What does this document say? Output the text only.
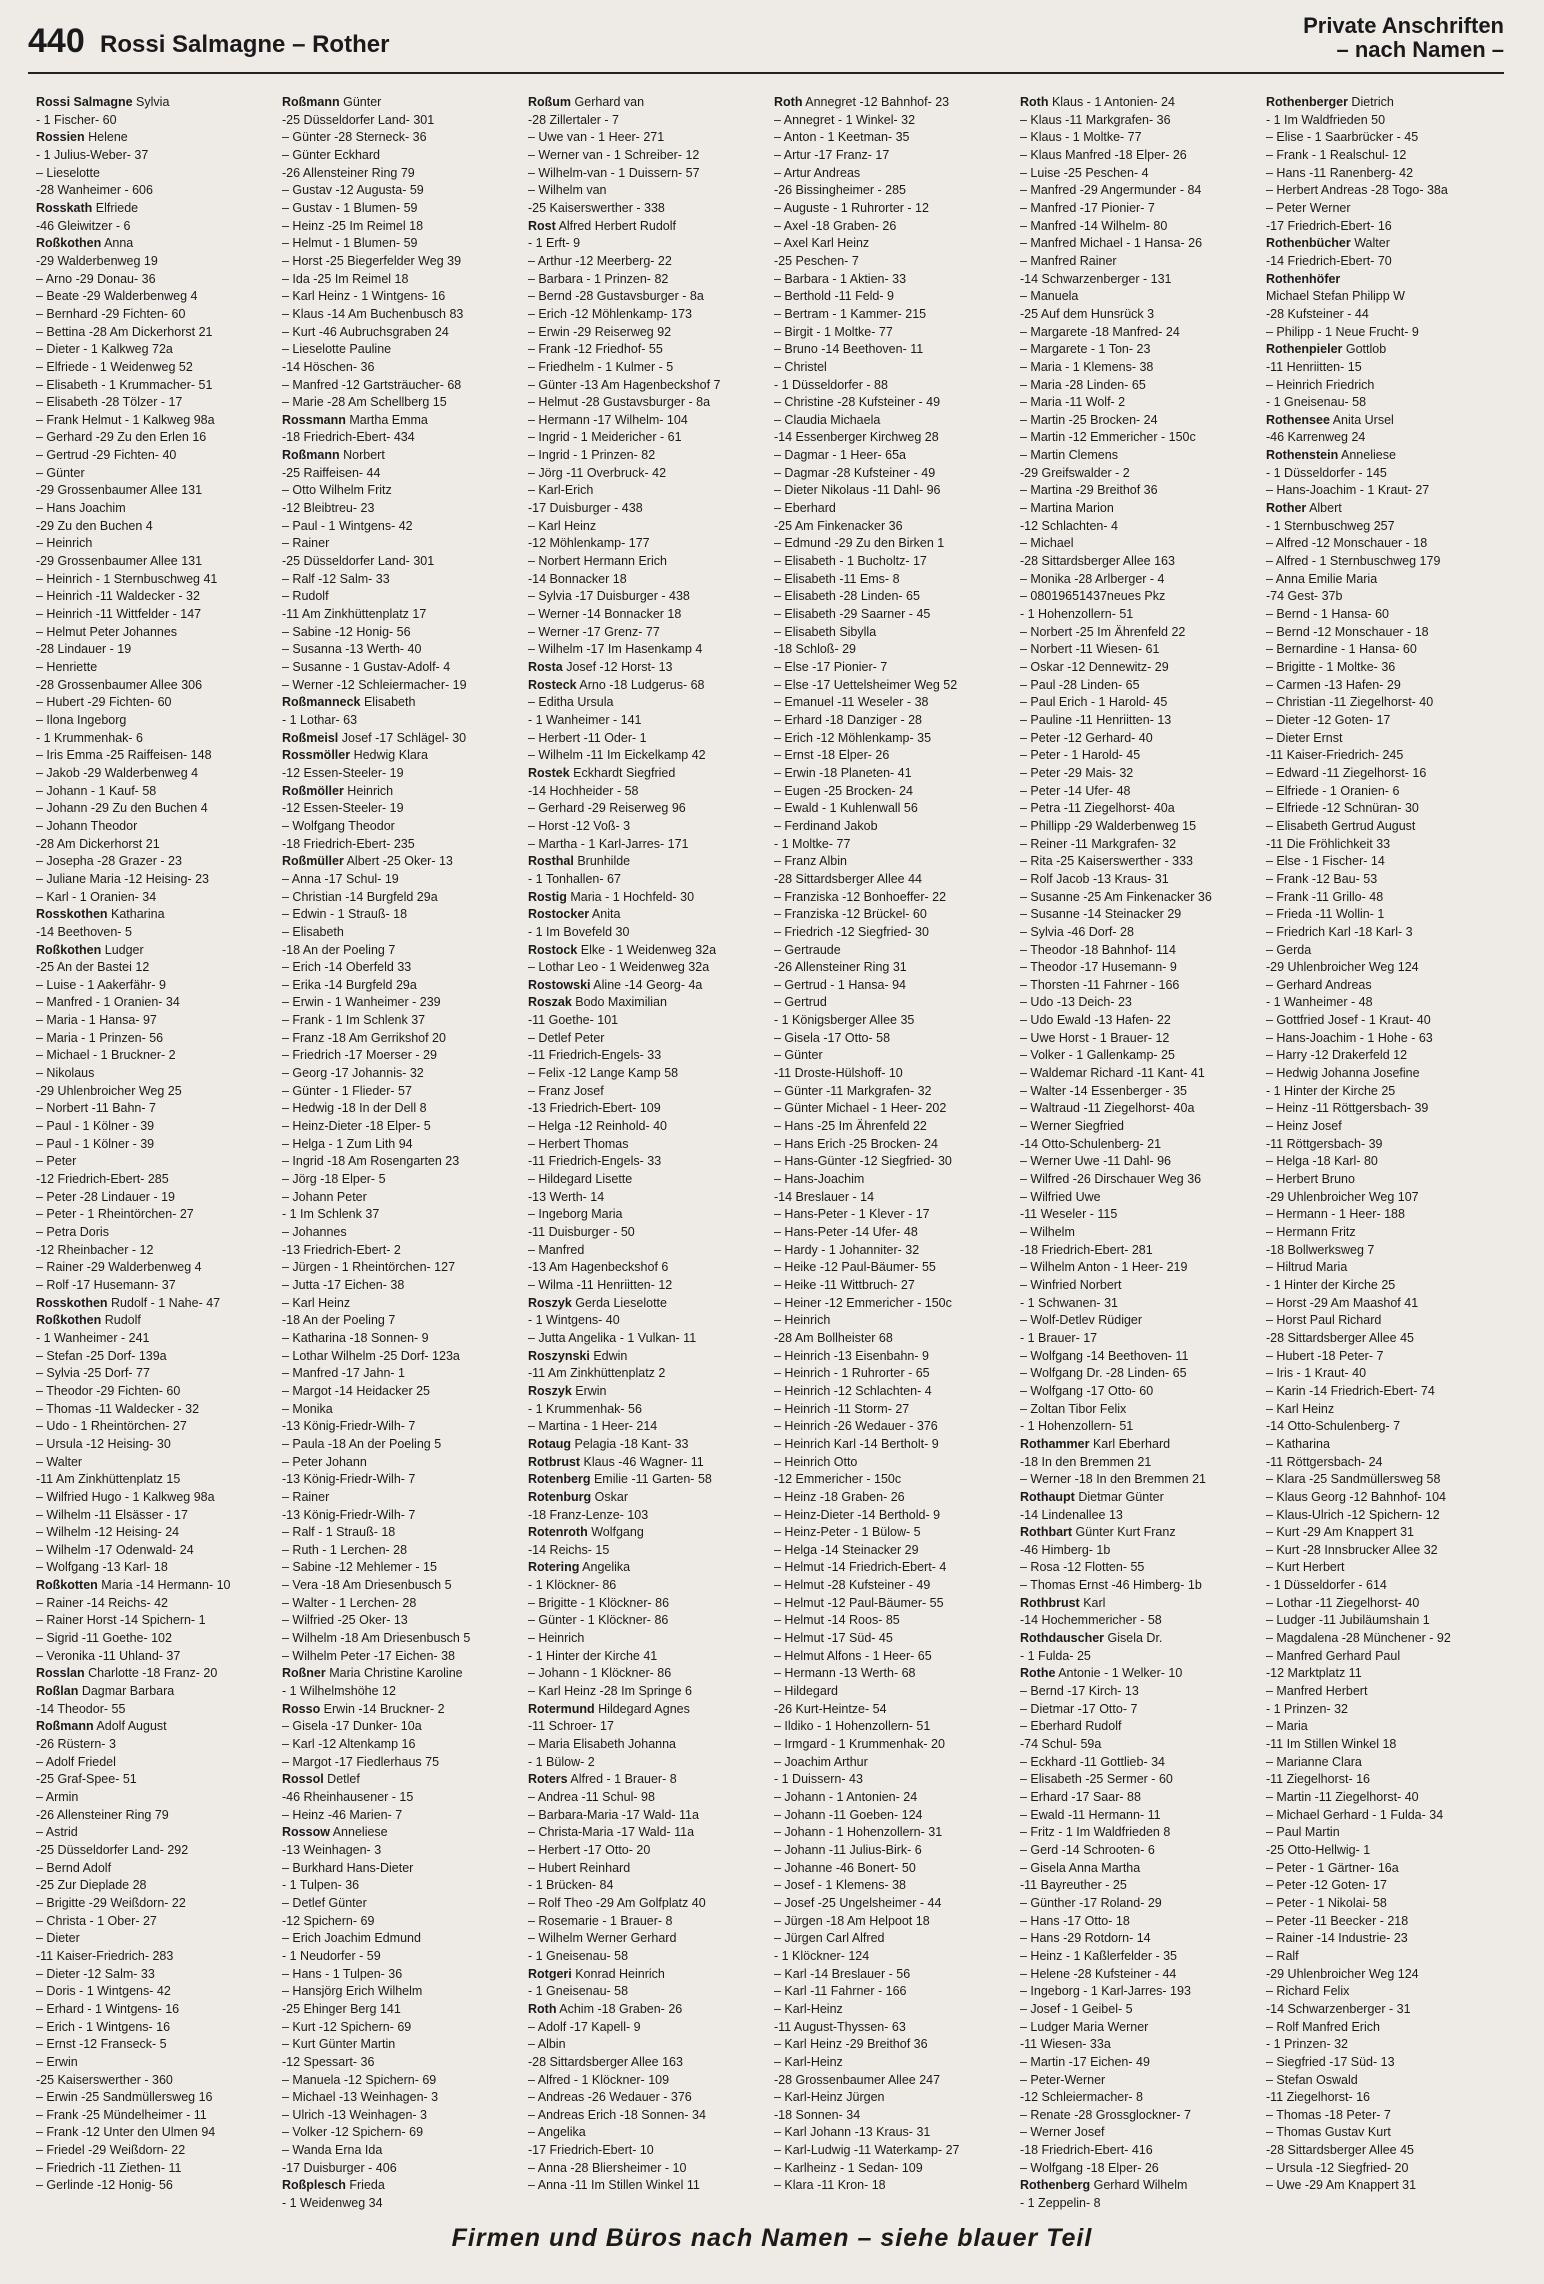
440 Rossi Salmagne – Rother
Private Anschriften
– nach Namen –
Rossi Salmagne Sylvia
- 1 Fischer- 60
Rossien Helene
- 1 Julius-Weber- 37
– Lieselotte
-28 Wanheimer - 606
Rosskath Elfriede
-46 Gleiwitzer - 6
Roßkothen Anna
-29 Walderbenweg 19
– Arno -29 Donau- 36
– Beate -29 Walderbenweg 4
– Bernhard -29 Fichten- 60
– Bettina -28 Am Dickerhorst 21
– Dieter - 1 Kalkweg 72a
– Elfriede - 1 Weidenweg 52
– Elisabeth - 1 Krummacher- 51
– Elisabeth -28 Tölzer - 17
– Frank Helmut - 1 Kalkweg 98a
– Gerhard -29 Zu den Erlen 16
– Gertrud -29 Fichten- 40
– Günter
-29 Grossenbaumer Allee 131
– Hans Joachim
-29 Zu den Buchen 4
– Heinrich
-29 Grossenbaumer Allee 131
– Heinrich - 1 Sternbuschweg 41
– Heinrich -11 Waldecker - 32
– Heinrich -11 Wittfelder - 147
– Helmut Peter Johannes
-28 Lindauer - 19
– Henriette
-28 Grossenbaumer Allee 306
– Hubert -29 Fichten- 60
– Ilona Ingeborg
- 1 Krummenhak- 6
– Iris Emma -25 Raiffeisen- 148
– Jakob -29 Walderbenweg 4
– Johann - 1 Kauf- 58
– Johann -29 Zu den Buchen 4
– Johann Theodor
-28 Am Dickerhorst 21
– Josepha -28 Grazer - 23
– Juliane Maria -12 Heising- 23
– Karl - 1 Oranien- 34
Rosskothen Katharina
-14 Beethoven- 5
Roßkothen Ludger
-25 An der Bastei 12
– Luise - 1 Aakerfähr- 9
– Manfred - 1 Oranien- 34
– Maria - 1 Hansa- 97
– Maria - 1 Prinzen- 56
– Michael - 1 Bruckner- 2
– Nikolaus
-29 Uhlenbroicher Weg 25
– Norbert -11 Bahn- 7
– Paul - 1 Kölner - 39
– Paul - 1 Kölner - 39
– Peter
-12 Friedrich-Ebert- 285
– Peter -28 Lindauer - 19
– Peter - 1 Rheintörchen- 27
– Petra Doris
-12 Rheinbacher - 12
– Rainer -29 Walderbenweg 4
– Rolf -17 Husemann- 37
Rosskothen Rudolf - 1 Nahe- 47
Roßkothen Rudolf
- 1 Wanheimer - 241
– Stefan -25 Dorf- 139a
– Sylvia -25 Dorf- 77
– Theodor -29 Fichten- 60
– Thomas -11 Waldecker - 32
– Udo - 1 Rheintörchen- 27
– Ursula -12 Heising- 30
– Walter
-11 Am Zinkhüttenplatz 15
– Wilfried Hugo - 1 Kalkweg 98a
– Wilhelm -11 Elsässer - 17
– Wilhelm -12 Heising- 24
– Wilhelm -17 Odenwald- 24
– Wolfgang -13 Karl- 18
Roßkotten Maria -14 Hermann- 10
– Rainer -14 Reichs- 42
– Rainer Horst -14 Spichern- 1
– Sigrid -11 Goethe- 102
– Veronika -11 Uhland- 37
Rosslan Charlotte -18 Franz- 20
Roßlan Dagmar Barbara
-14 Theodor- 55
Roßmann Adolf August
-26 Rüstern- 3
– Adolf Friedel
-25 Graf-Spee- 51
– Armin
-26 Allensteiner Ring 79
– Astrid
-25 Düsseldorfer Land- 292
– Bernd Adolf
-25 Zur Dieplade 28
– Brigitte -29 Weißdorn- 22
– Christa - 1 Ober- 27
– Dieter
-11 Kaiser-Friedrich- 283
– Dieter -12 Salm- 33
– Doris - 1 Wintgens- 42
– Erhard - 1 Wintgens- 16
– Erich - 1 Wintgens- 16
– Ernst -12 Franseck- 5
– Erwin
-25 Kaiserswerther - 360
– Erwin -25 Sandmüllersweg 16
– Frank -25 Mündelheimer - 11
– Frank -12 Unter den Ulmen 94
– Friedel -29 Weißdorn- 22
– Friedrich -11 Ziethen- 11
– Gerlinde -12 Honig- 56
Roßmann Günter
-25 Düsseldorfer Land- 301
– Günter -28 Sterneck- 36
– Günter Eckhard
-26 Allensteiner Ring 79
– Gustav -12 Augusta- 59
– Gustav - 1 Blumen- 59
– Heinz -25 Im Reimel 18
– Helmut - 1 Blumen- 59
– Horst -25 Biegerfelder Weg 39
– Ida -25 Im Reimel 18
– Karl Heinz - 1 Wintgens- 16
– Klaus -14 Am Buchenbusch 83
– Kurt -46 Aubruchsgraben 24
– Lieselotte Pauline
-14 Höschen- 36
– Manfred -12 Gartsträucher- 68
– Marie -28 Am Schellberg 15
Rossmann Martha Emma
-18 Friedrich-Ebert- 434
Roßmann Norbert
-25 Raiffeisen- 44
– Otto Wilhelm Fritz
-12 Bleibtreu- 23
– Paul - 1 Wintgens- 42
– Rainer
-25 Düsseldorfer Land- 301
– Ralf -12 Salm- 33
– Rudolf
-11 Am Zinkhüttenplatz 17
– Sabine -12 Honig- 56
– Susanna -13 Werth- 40
– Susanne - 1 Gustav-Adolf- 4
– Werner -12 Schleiermacher- 19
Roßmanneck Elisabeth
- 1 Lothar- 63
Roßmeisl Josef -17 Schlägel- 30
Rossmöller Hedwig Klara
-12 Essen-Steeler- 19
Roßmöller Heinrich
-12 Essen-Steeler- 19
– Wolfgang Theodor
-18 Friedrich-Ebert- 235
Roßmüller Albert -25 Oker- 13
– Anna -17 Schul- 19
– Christian -14 Burgfeld 29a
– Edwin - 1 Strauß- 18
– Elisabeth
-18 An der Poeling 7
– Erich -14 Oberfeld 33
– Erika -14 Burgfeld 29a
– Erwin - 1 Wanheimer - 239
– Frank - 1 Im Schlenk 37
– Franz -18 Am Gerrikshof 20
– Friedrich -17 Moerser - 29
– Georg -17 Johannis- 32
– Günter - 1 Flieder- 57
– Hedwig -18 In der Dell 8
– Heinz-Dieter -18 Elper- 5
– Helga - 1 Zum Lith 94
– Ingrid -18 Am Rosengarten 23
– Jörg -18 Elper- 5
– Johann Peter
- 1 Im Schlenk 37
– Johannes
-13 Friedrich-Ebert- 2
– Jürgen - 1 Rheintörchen- 127
– Jutta -17 Eichen- 38
– Karl Heinz
-18 An der Poeling 7
– Katharina -18 Sonnen- 9
– Lothar Wilhelm -25 Dorf- 123a
– Manfred -17 Jahn- 1
– Margot -14 Heidacker 25
– Monika
-13 König-Friedr-Wilh- 7
– Paula -18 An der Poeling 5
– Peter Johann
-13 König-Friedr-Wilh- 7
– Rainer
-13 König-Friedr-Wilh- 7
– Ralf - 1 Strauß- 18
– Ruth - 1 Lerchen- 28
– Sabine -12 Mehlemer - 15
– Vera -18 Am Driesenbusch 5
– Walter - 1 Lerchen- 28
– Wilfried -25 Oker- 13
– Wilhelm -18 Am Driesenbusch 5
– Wilhelm Peter -17 Eichen- 38
Roßner Maria Christine Karoline
- 1 Wilhelmshöhe 12
Rosso Erwin -14 Bruckner- 2
– Gisela -17 Dunker- 10a
– Karl -12 Altenkamp 16
– Margot -17 Fiedlerhaus 75
Rossol Detlef
-46 Rheinhausener - 15
– Heinz -46 Marien- 7
Rossow Anneliese
-13 Weinhagen- 3
– Burkhard Hans-Dieter
- 1 Tulpen- 36
– Detlef Günter
-12 Spichern- 69
– Erich Joachim Edmund
- 1 Neudorfer - 59
– Hans - 1 Tulpen- 36
– Hansjörg Erich Wilhelm
-25 Ehinger Berg 141
– Kurt -12 Spichern- 69
– Kurt Günter Martin
-12 Spessart- 36
– Manuela -12 Spichern- 69
– Michael -13 Weinhagen- 3
– Ulrich -13 Weinhagen- 3
– Volker -12 Spichern- 69
– Wanda Erna Ida
-17 Duisburger - 406
Roßplesch Frieda
- 1 Weidenweg 34
Roßum Gerhard van
-28 Zillertaler - 7
– Uwe van - 1 Heer- 271
– Werner van - 1 Schreiber- 12
– Wilhelm-van - 1 Duissern- 57
– Wilhelm van
-25 Kaiserswerther - 338
Rost Alfred Herbert Rudolf
- 1 Erft- 9
– Arthur -12 Meerberg- 22
– Barbara - 1 Prinzen- 82
– Bernd -28 Gustavsburger - 8a
– Erich -12 Möhlenkamp- 173
– Erwin -29 Reiserweg 92
– Frank -12 Friedhof- 55
– Friedhelm - 1 Kulmer - 5
– Günter -13 Am Hagenbeckshof 7
– Helmut -28 Gustavsburger - 8a
– Hermann -17 Wilhelm- 104
– Ingrid - 1 Meidericher - 61
– Ingrid - 1 Prinzen- 82
– Jörg -11 Overbruck- 42
– Karl-Erich
-17 Duisburger - 438
– Karl Heinz
-12 Möhlenkamp- 177
– Norbert Hermann Erich
-14 Bonnacker 18
– Sylvia -17 Duisburger - 438
– Werner -14 Bonnacker 18
– Werner -17 Grenz- 77
– Wilhelm -17 Im Hasenkamp 4
Rosta Josef -12 Horst- 13
Rosteck Arno -18 Ludgerus- 68
– Editha Ursula
- 1 Wanheimer - 141
– Herbert -11 Oder- 1
– Wilhelm -11 Im Eickelkamp 42
Rostek Eckhardt Siegfried
-14 Hochheider - 58
– Gerhard -29 Reiserweg 96
– Horst -12 Voß- 3
– Martha - 1 Karl-Jarres- 171
Rosthal Brunhilde
- 1 Tonhallen- 67
Rostig Maria - 1 Hochfeld- 30
Rostocker Anita
- 1 Im Bovefeld 30
Rostock Elke - 1 Weidenweg 32a
– Lothar Leo - 1 Weidenweg 32a
Rostowski Aline -14 Georg- 4a
Roszak Bodo Maximilian
-11 Goethe- 101
– Detlef Peter
-11 Friedrich-Engels- 33
– Felix -12 Lange Kamp 58
– Franz Josef
-13 Friedrich-Ebert- 109
– Helga -12 Reinhold- 40
– Herbert Thomas
-11 Friedrich-Engels- 33
– Hildegard Lisette
-13 Werth- 14
– Ingeborg Maria
-11 Duisburger - 50
– Manfred
-13 Am Hagenbeckshof 6
– Wilma -11 Henriitten- 12
Roszyk Gerda Lieselotte
- 1 Wintgens- 40
– Jutta Angelika - 1 Vulkan- 11
Roszynski Edwin
-11 Am Zinkhüttenplatz 2
Roszyk Erwin
- 1 Krummenhak- 56
– Martina - 1 Heer- 214
Rotaug Pelagia -18 Kant- 33
Rotbrust Klaus -46 Wagner- 11
Rotenberg Emilie -11 Garten- 58
Rotenburg Oskar
-18 Franz-Lenze- 103
Rotenroth Wolfgang
-14 Reichs- 15
Rotering Angelika
- 1 Klöckner- 86
– Brigitte - 1 Klöckner- 86
– Günter - 1 Klöckner- 86
– Heinrich
- 1 Hinter der Kirche 41
– Johann - 1 Klöckner- 86
– Karl Heinz -28 Im Springe 6
Rotermund Hildegard Agnes
-11 Schroer- 17
– Maria Elisabeth Johanna
- 1 Bülow- 2
Roters Alfred - 1 Brauer- 8
– Andrea -11 Schul- 98
– Barbara-Maria -17 Wald- 11a
– Christa-Maria -17 Wald- 11a
– Herbert -17 Otto- 20
– Hubert Reinhard
- 1 Brücken- 84
– Rolf Theo -29 Am Golfplatz 40
– Rosemarie - 1 Brauer- 8
– Wilhelm Werner Gerhard
- 1 Gneisenau- 58
Rotgeri Konrad Heinrich
- 1 Gneisenau- 58
Roth Achim -18 Graben- 26
– Adolf -17 Kapell- 9
– Albin
-28 Sittardsberger Allee 163
– Alfred - 1 Klöckner- 109
– Andreas -26 Wedauer - 376
– Andreas Erich -18 Sonnen- 34
– Angelika
-17 Friedrich-Ebert- 10
– Anna -28 Bliersheimer - 10
– Anna -11 Im Stillen Winkel 11
Roth Annegret -12 Bahnhof- 23
– Annegret - 1 Winkel- 32
– Anton - 1 Keetman- 35
– Artur -17 Franz- 17
– Artur Andreas
-26 Bissingheimer - 285
– Auguste - 1 Ruhrorter - 12
– Axel -18 Graben- 26
– Axel Karl Heinz
-25 Peschen- 7
– Barbara - 1 Aktien- 33
– Berthold -11 Feld- 9
– Bertram - 1 Kammer- 215
– Birgit - 1 Moltke- 77
– Bruno -14 Beethoven- 11
– Christel
- 1 Düsseldorfer - 88
– Christine -28 Kufsteiner - 49
– Claudia Michaela
-14 Essenberger Kirchweg 28
– Dagmar - 1 Heer- 65a
– Dagmar -28 Kufsteiner - 49
– Dieter Nikolaus -11 Dahl- 96
– Eberhard
-25 Am Finkenacker 36
– Edmund -29 Zu den Birken 1
– Elisabeth - 1 Bucholtz- 17
– Elisabeth -11 Ems- 8
– Elisabeth -28 Linden- 65
– Elisabeth -29 Saarner - 45
– Elisabeth Sibylla
-18 Schloß- 29
– Else -17 Pionier- 7
– Else -17 Uettelsheimer Weg 52
– Emanuel -11 Weseler - 38
– Erhard -18 Danziger - 28
– Erich -12 Möhlenkamp- 35
– Ernst -18 Elper- 26
– Erwin -18 Planeten- 41
– Eugen -25 Brocken- 24
– Ewald - 1 Kuhlenwall 56
– Ferdinand Jakob
- 1 Moltke- 77
– Franz Albin
-28 Sittardsberger Allee 44
– Franziska -12 Bonhoeffer- 22
– Franziska -12 Brückel- 60
– Friedrich -12 Siegfried- 30
– Gertraude
-26 Allensteiner Ring 31
– Gertrud - 1 Hansa- 94
– Gertrud
- 1 Königsberger Allee 35
– Gisela -17 Otto- 58
– Günter
-11 Droste-Hülshoff- 10
– Günter -11 Markgrafen- 32
– Günter Michael - 1 Heer- 202
– Hans -25 Im Ährenfeld 22
– Hans Erich -25 Brocken- 24
– Hans-Günter -12 Siegfried- 30
– Hans-Joachim
-14 Breslauer - 14
– Hans-Peter - 1 Klever - 17
– Hans-Peter -14 Ufer- 48
– Hardy - 1 Johanniter- 32
– Heike -12 Paul-Bäumer- 55
– Heike -11 Wittbruch- 27
– Heiner -12 Emmericher - 150c
– Heinrich
-28 Am Bollheister 68
– Heinrich -13 Eisenbahn- 9
– Heinrich - 1 Ruhrorter - 65
– Heinrich -12 Schlachten- 4
– Heinrich -11 Storm- 27
– Heinrich -26 Wedauer - 376
– Heinrich Karl -14 Bertholt- 9
– Heinrich Otto
-12 Emmericher - 150c
– Heinz -18 Graben- 26
– Heinz-Dieter -14 Berthold- 9
– Heinz-Peter - 1 Bülow- 5
– Helga -14 Steinacker 29
– Helmut -14 Friedrich-Ebert- 4
– Helmut -28 Kufsteiner - 49
– Helmut -12 Paul-Bäumer- 55
– Helmut -14 Roos- 85
– Helmut -17 Süd- 45
– Helmut Alfons - 1 Heer- 65
– Hermann -13 Werth- 68
– Hildegard
-26 Kurt-Heintze- 54
– Ildiko - 1 Hohenzollern- 51
– Irmgard - 1 Krummenhak- 20
– Joachim Arthur
- 1 Duissern- 43
– Johann - 1 Antonien- 24
– Johann -11 Goeben- 124
– Johann - 1 Hohenzollern- 31
– Johann -11 Julius-Birk- 6
– Johanne -46 Bonert- 50
– Josef - 1 Klemens- 38
– Josef -25 Ungelsheimer - 44
– Jürgen -18 Am Helpoot 18
– Jürgen Carl Alfred
- 1 Klöckner- 124
– Karl -14 Breslauer - 56
– Karl -11 Fahrner - 166
– Karl-Heinz
-11 August-Thyssen- 63
– Karl Heinz -29 Breithof 36
– Karl-Heinz
-28 Grossenbaumer Allee 247
– Karl-Heinz Jürgen
-18 Sonnen- 34
– Karl Johann -13 Kraus- 31
– Karl-Ludwig -11 Waterkamp- 27
– Karlheinz - 1 Sedan- 109
– Klara -11 Kron- 18
Roth Klaus - 1 Antonien- 24
– Klaus -11 Markgrafen- 36
– Klaus - 1 Moltke- 77
– Klaus Manfred -18 Elper- 26
– Luise -25 Peschen- 4
– Manfred -29 Angermunder - 84
– Manfred -17 Pionier- 7
– Manfred -14 Wilhelm- 80
– Manfred Michael - 1 Hansa- 26
– Manfred Rainer
-14 Schwarzenberger - 131
– Manuela
-25 Auf dem Hunsrück 3
– Margarete -18 Manfred- 24
– Margarete - 1 Ton- 23
– Maria - 1 Klemens- 38
– Maria -28 Linden- 65
– Maria -11 Wolf- 2
– Martin -25 Brocken- 24
– Martin -12 Emmericher - 150c
– Martin Clemens
-29 Greifswalder - 2
– Martina -29 Breithof 36
– Martina Marion
-12 Schlachten- 4
– Michael
-28 Sittardsberger Allee 163
– Monika -28 Arlberger - 4
– 08019651437neues Pkz
- 1 Hohenzollern- 51
– Norbert -25 Im Ährenfeld 22
– Norbert -11 Wiesen- 61
– Oskar -12 Dennewitz- 29
– Paul -28 Linden- 65
– Paul Erich - 1 Harold- 45
– Pauline -11 Henriitten- 13
– Peter -12 Gerhard- 40
– Peter - 1 Harold- 45
– Peter -29 Mais- 32
– Peter -14 Ufer- 48
– Petra -11 Ziegelhorst- 40a
– Phillipp -29 Walderbenweg 15
– Reiner -11 Markgrafen- 32
– Rita -25 Kaiserswerther - 333
– Rolf Jacob -13 Kraus- 31
– Susanne -25 Am Finkenacker 36
– Susanne -14 Steinacker 29
– Sylvia -46 Dorf- 28
– Theodor -18 Bahnhof- 114
– Theodor -17 Husemann- 9
– Thorsten -11 Fahrner - 166
– Udo -13 Deich- 23
– Udo Ewald -13 Hafen- 22
– Uwe Horst - 1 Brauer- 12
– Volker - 1 Gallenkamp- 25
– Waldemar Richard -11 Kant- 41
– Walter -14 Essenberger - 35
– Waltraud -11 Ziegelhorst- 40a
– Werner Siegfried
-14 Otto-Schulenberg- 21
– Werner Uwe -11 Dahl- 96
– Wilfred -26 Dirschauer Weg 36
– Wilfried Uwe
-11 Weseler - 115
– Wilhelm
-18 Friedrich-Ebert- 281
– Wilhelm Anton - 1 Heer- 219
– Winfried Norbert
- 1 Schwanen- 31
– Wolf-Detlev Rüdiger
- 1 Brauer- 17
– Wolfgang -14 Beethoven- 11
– Wolfgang Dr. -28 Linden- 65
– Wolfgang -17 Otto- 60
– Zoltan Tibor Felix
- 1 Hohenzollern- 51
Rothammer Karl Eberhard
-18 In den Bremmen 21
– Werner -18 In den Bremmen 21
Rothaupt Dietmar Günter
-14 Lindenallee 13
Rothbart Günter Kurt Franz
-46 Himberg- 1b
– Rosa -12 Flotten- 55
– Thomas Ernst -46 Himberg- 1b
Rothbrust Karl
-14 Hochemmericher - 58
Rothdauscher Gisela Dr.
- 1 Fulda- 25
Rothe Antonie - 1 Welker- 10
– Bernd -17 Kirch- 13
– Dietmar -17 Otto- 7
– Eberhard Rudolf
-74 Schul- 59a
– Eckhard -11 Gottlieb- 34
– Elisabeth -25 Sermer - 60
– Erhard -17 Saar- 88
– Ewald -11 Hermann- 11
– Fritz - 1 Im Waldfrieden 8
– Gerd -14 Schrooten- 6
– Gisela Anna Martha
-11 Bayreuther - 25
– Günther -17 Roland- 29
– Hans -17 Otto- 18
– Hans -29 Rotdorn- 14
– Heinz - 1 Kaßlerfelder - 35
– Helene -28 Kufsteiner - 44
– Ingeborg - 1 Karl-Jarres- 193
– Josef - 1 Geibel- 5
– Ludger Maria Werner
-11 Wiesen- 33a
– Martin -17 Eichen- 49
– Peter-Werner
-12 Schleiermacher- 8
– Renate -28 Grossglockner- 7
– Werner Josef
-18 Friedrich-Ebert- 416
– Wolfgang -18 Elper- 26
Rothenberg Gerhard Wilhelm
- 1 Zeppelin- 8
Rothenberger Dietrich
- 1 Im Waldfrieden 50
– Elise - 1 Saarbrücker - 45
– Frank - 1 Realschul- 12
– Hans -11 Ranenberg- 42
– Herbert Andreas -28 Togo- 38a
– Peter Werner
-17 Friedrich-Ebert- 16
Rothenbücher Walter
-14 Friedrich-Ebert- 70
Rothenhöfer
Michael Stefan Philipp W
-28 Kufsteiner - 44
– Philipp - 1 Neue Frucht- 9
Rothenpieler Gottlob
-11 Henriitten- 15
– Heinrich Friedrich
- 1 Gneisenau- 58
Rothensee Anita Ursel
-46 Karrenweg 24
Rothenstein Anneliese
- 1 Düsseldorfer - 145
– Hans-Joachim - 1 Kraut- 27
Rother Albert
- 1 Sternbuschweg 257
– Alfred -12 Monschauer - 18
– Alfred - 1 Sternbuschweg 179
– Anna Emilie Maria
-74 Gest- 37b
– Bernd - 1 Hansa- 60
– Bernd -12 Monschauer - 18
– Bernardine - 1 Hansa- 60
– Brigitte - 1 Moltke- 36
– Carmen -13 Hafen- 29
– Christian -11 Ziegelhorst- 40
– Dieter -12 Goten- 17
– Dieter Ernst
-11 Kaiser-Friedrich- 245
– Edward -11 Ziegelhorst- 16
– Elfriede - 1 Oranien- 6
– Elfriede -12 Schnüran- 30
– Elisabeth Gertrud August
-11 Die Fröhlichkeit 33
– Else - 1 Fischer- 14
– Frank -12 Bau- 53
– Frank -11 Grillo- 48
– Frieda -11 Wollin- 1
– Friedrich Karl -18 Karl- 3
– Gerda
-29 Uhlenbroicher Weg 124
– Gerhard Andreas
- 1 Wanheimer - 48
– Gottfried Josef - 1 Kraut- 40
– Hans-Joachim - 1 Hohe - 63
– Harry -12 Drakerfeld 12
– Hedwig Johanna Josefine
- 1 Hinter der Kirche 25
– Heinz -11 Röttgersbach- 39
– Heinz Josef
-11 Röttgersbach- 39
– Helga -18 Karl- 80
– Herbert Bruno
-29 Uhlenbroicher Weg 107
– Hermann - 1 Heer- 188
– Hermann Fritz
-18 Bollwerksweg 7
– Hiltrud Maria
- 1 Hinter der Kirche 25
– Horst -29 Am Maashof 41
– Horst Paul Richard
-28 Sittardsberger Allee 45
– Hubert -18 Peter- 7
– Iris - 1 Kraut- 40
– Karin -14 Friedrich-Ebert- 74
– Karl Heinz
-14 Otto-Schulenberg- 7
– Katharina
-11 Röttgersbach- 24
– Klara -25 Sandmüllersweg 58
– Klaus Georg -12 Bahnhof- 104
– Klaus-Ulrich -12 Spichern- 12
– Kurt -29 Am Knappert 31
– Kurt -28 Innsbrucker Allee 32
– Kurt Herbert
- 1 Düsseldorfer - 614
– Lothar -11 Ziegelhorst- 40
– Ludger -11 Jubiläumshain 1
– Magdalena -28 Münchener - 92
– Manfred Gerhard Paul
-12 Marktplatz 11
– Manfred Herbert
- 1 Prinzen- 32
– Maria
-11 Im Stillen Winkel 18
– Marianne Clara
-11 Ziegelhorst- 16
– Martin -11 Ziegelhorst- 40
– Michael Gerhard - 1 Fulda- 34
– Paul Martin
-25 Otto-Hellwig- 1
– Peter - 1 Gärtner- 16a
– Peter -12 Goten- 17
– Peter - 1 Nikolai- 58
– Peter -11 Beecker - 218
– Rainer -14 Industrie- 23
– Ralf
-29 Uhlenbroicher Weg 124
– Richard Felix
-14 Schwarzenberger - 31
– Rolf Manfred Erich
- 1 Prinzen- 32
– Siegfried -17 Süd- 13
– Stefan Oswald
-11 Ziegelhorst- 16
– Thomas -18 Peter- 7
– Thomas Gustav Kurt
-28 Sittardsberger Allee 45
– Ursula -12 Siegfried- 20
– Uwe -29 Am Knappert 31
Firmen und Büros nach Namen – siehe blauer Teil
